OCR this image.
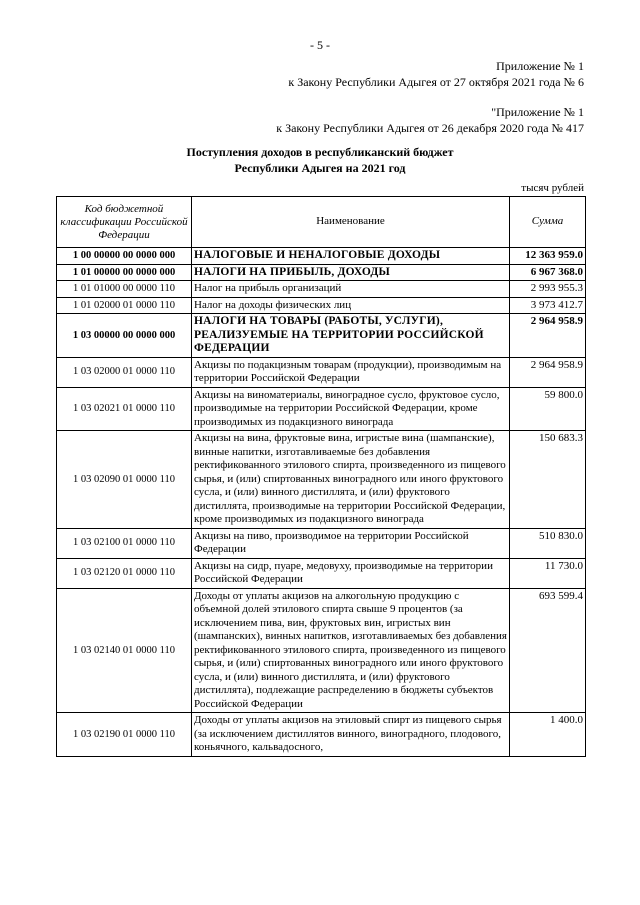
- 5 -
Приложение № 1
к Закону Республики Адыгея от 27 октября 2021 года № 6
"Приложение № 1
к Закону Республики Адыгея от 26 декабря 2020 года № 417
Поступления доходов в республиканский бюджет
Республики Адыгея на 2021 год
тысяч рублей
Код бюджетной классификации Российской Федерации	Наименование	Сумма
1 00 00000 00 0000 000	НАЛОГОВЫЕ И НЕНАЛОГОВЫЕ ДОХОДЫ	12 363 959.0
1 01 00000 00 0000 000	НАЛОГИ НА ПРИБЫЛЬ, ДОХОДЫ	6 967 368.0
1 01 01000 00 0000 110	Налог на прибыль организаций	2 993 955.3
1 01 02000 01 0000 110	Налог на доходы физических лиц	3 973 412.7
1 03 00000 00 0000 000	НАЛОГИ НА ТОВАРЫ (РАБОТЫ, УСЛУГИ), РЕАЛИЗУЕМЫЕ НА ТЕРРИТОРИИ РОССИЙСКОЙ ФЕДЕРАЦИИ	2 964 958.9
1 03 02000 01 0000 110	Акцизы по подакцизным товарам (продукции), производимым на территории Российской Федерации	2 964 958.9
1 03 02021 01 0000 110	Акцизы на виноматериалы, виноградное сусло, фруктовое сусло, производимые на территории Российской Федерации, кроме производимых из подакцизного винограда	59 800.0
1 03 02090 01 0000 110	Акцизы на вина, фруктовые вина, игристые вина (шампанские), винные напитки, изготавливаемые без добавления ректификованного этилового спирта, произведенного из пищевого сырья, и (или) спиртованных виноградного или иного фруктового сусла, и (или) винного дистиллята, и (или) фруктового дистиллята, производимые на территории Российской Федерации, кроме производимых из подакцизного винограда	150 683.3
1 03 02100 01 0000 110	Акцизы на пиво, производимое на территории Российской Федерации	510 830.0
1 03 02120 01 0000 110	Акцизы на сидр, пуаре, медовуху, производимые на территории Российской Федерации	11 730.0
1 03 02140 01 0000 110	Доходы от уплаты акцизов на алкогольную продукцию с объемной долей этилового спирта свыше 9 процентов (за исключением пива, вин, фруктовых вин, игристых вин (шампанских), винных напитков, изготавливаемых без добавления ректификованного этилового спирта, произведенного из пищевого сырья, и (или) спиртованных виноградного или иного фруктового сусла, и (или) винного дистиллята, и (или) фруктового дистиллята), подлежащие распределению в бюджеты субъектов Российской Федерации	693 599.4
1 03 02190 01 0000 110	Доходы от уплаты акцизов на этиловый спирт из пищевого сырья (за исключением дистиллятов винного, виноградного, плодового, коньячного, кальвадосного,	1 400.0
